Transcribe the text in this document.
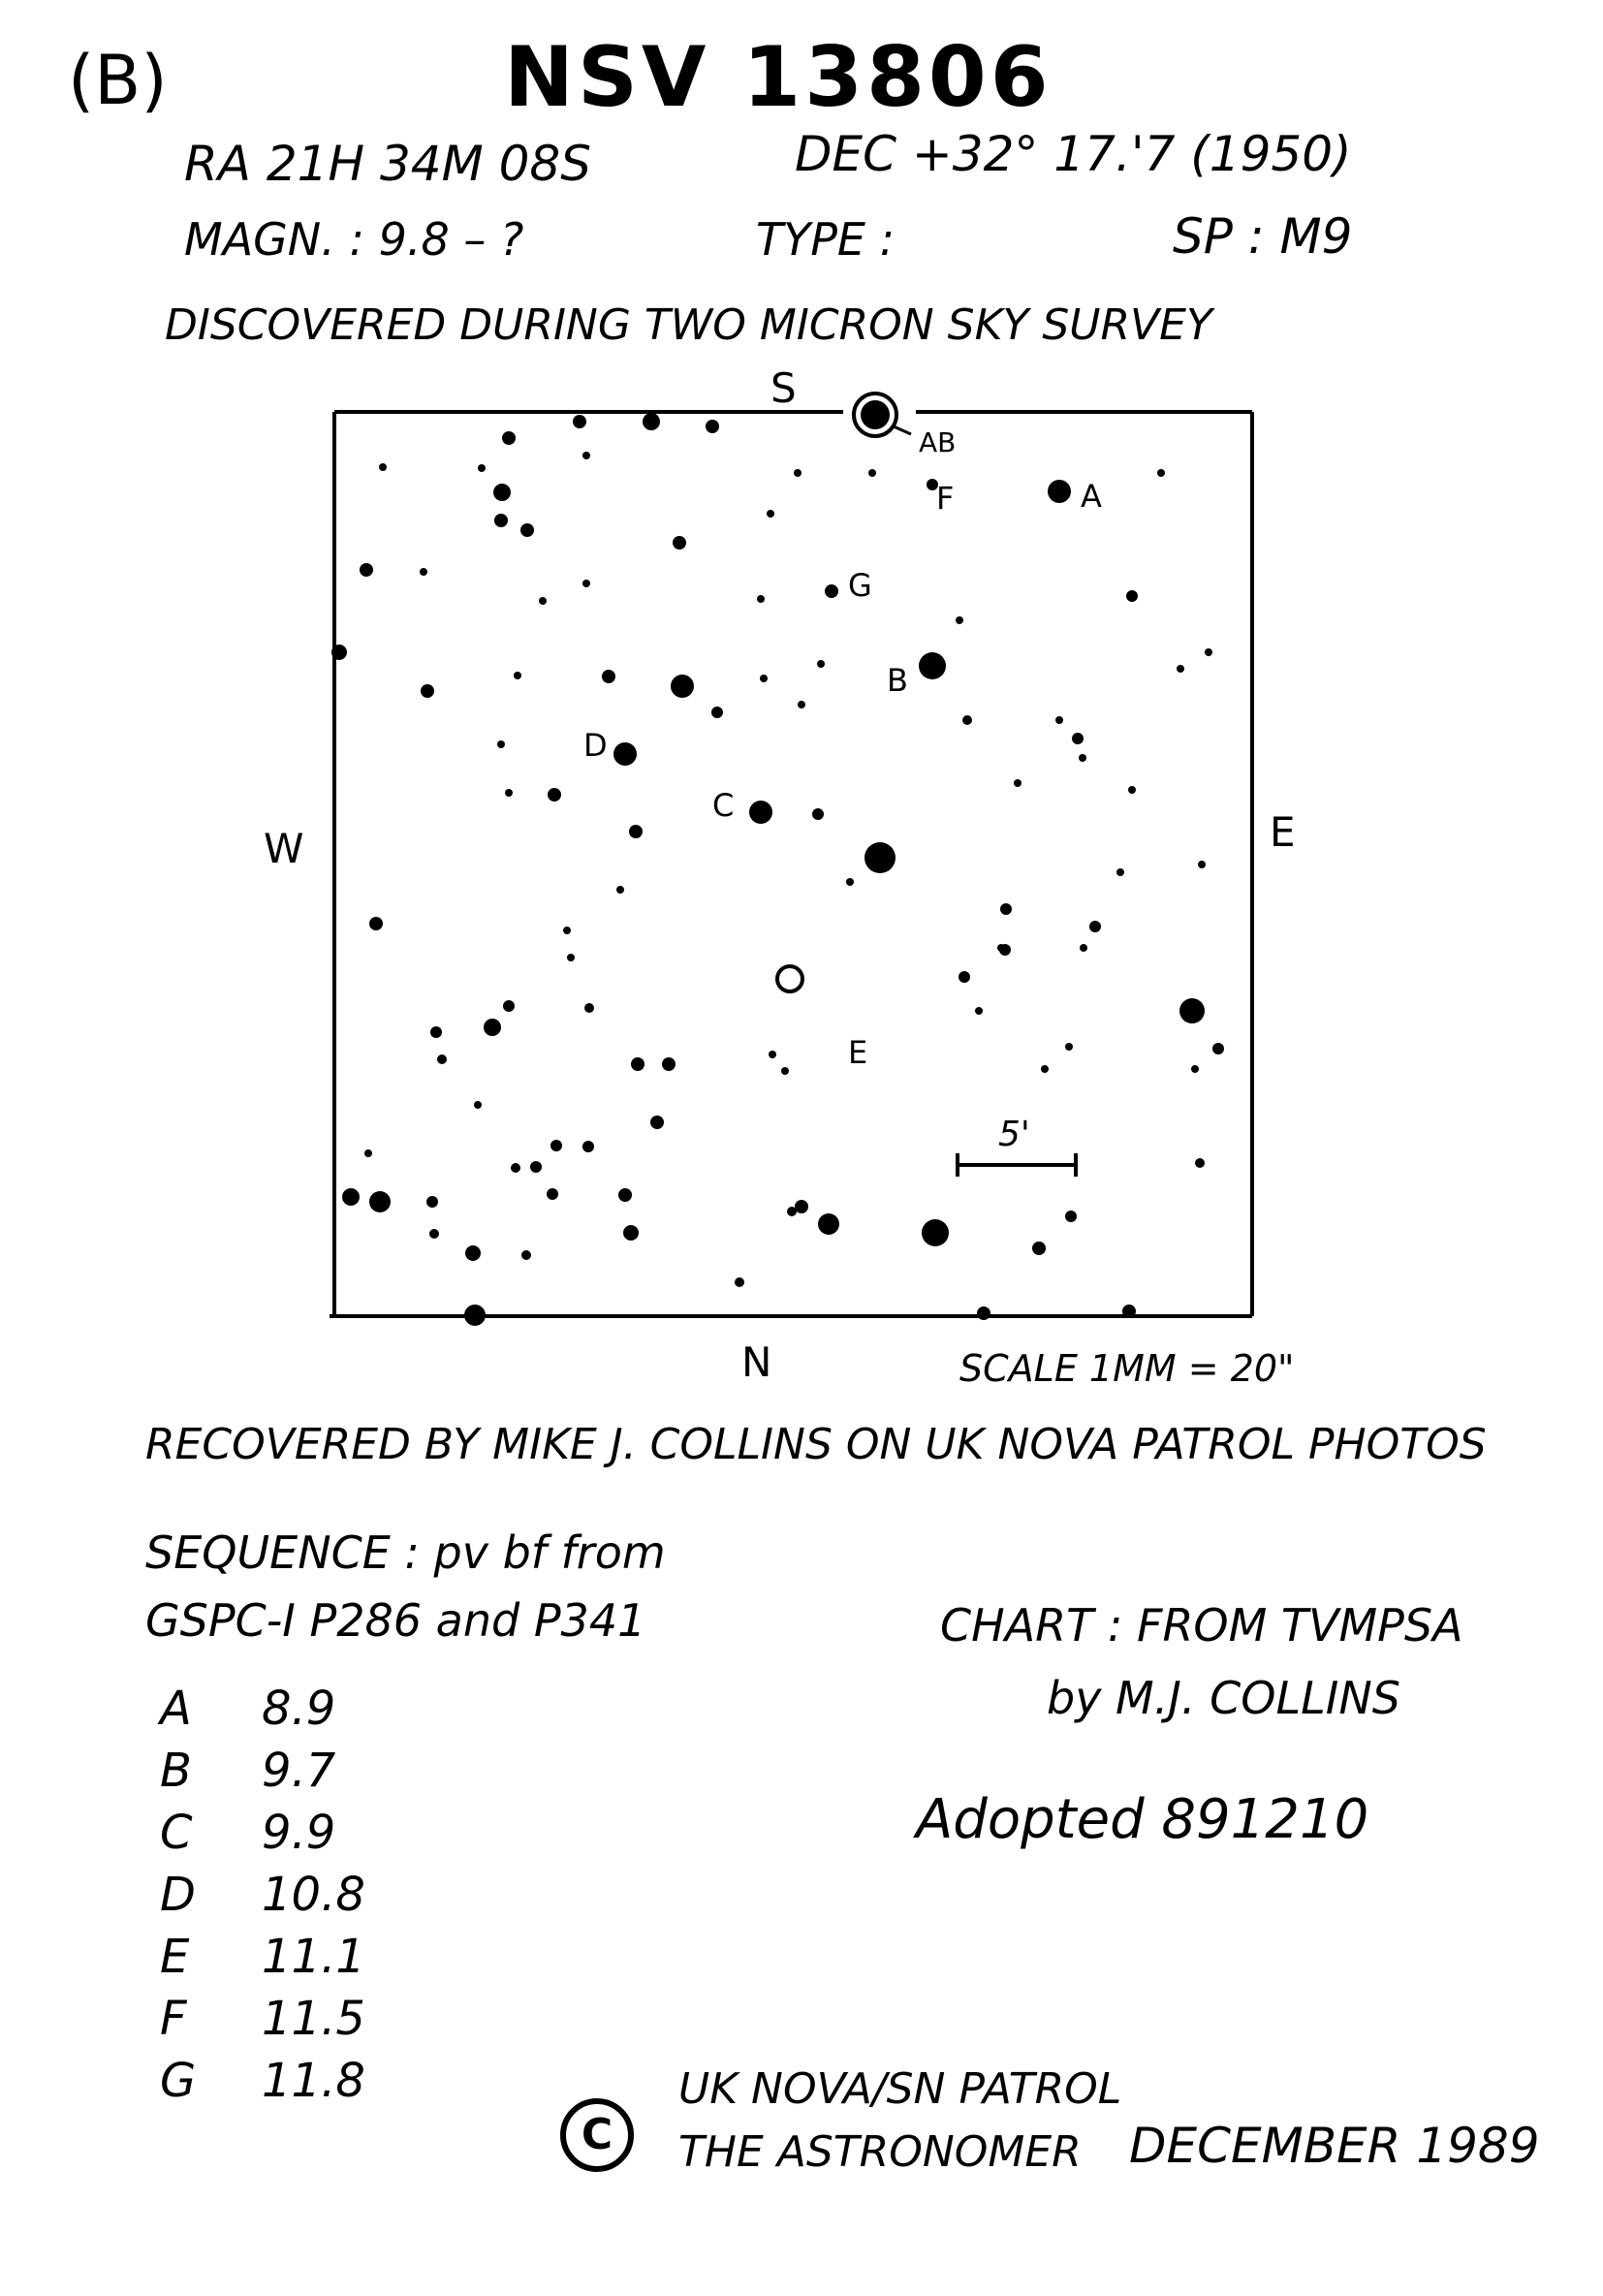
(B)	NSV 13806
RA 21H 34M 08S	DEC +32° 17.'7 (1950)
MAGN. : 9.8 – ?	TYPE :	SP : M9
DISCOVERED DURING TWO MICRON SKY SURVEY
AB
A
B
C
D
E
F
G
S
N
W	E
5'
SCALE 1MM = 20"
RECOVERED BY MIKE J. COLLINS ON UK NOVA PATROL PHOTOS
SEQUENCE : pv bf from
GSPC-I P286 and P341
A 8.9
B 9.7
C 9.9
D 10.8
E 11.1
F 11.5
G 11.8
CHART : FROM TVMPSA
by M.J. COLLINS
Adopted 891210
C
UK NOVA/SN PATROL
THE ASTRONOMER DECEMBER 1989
